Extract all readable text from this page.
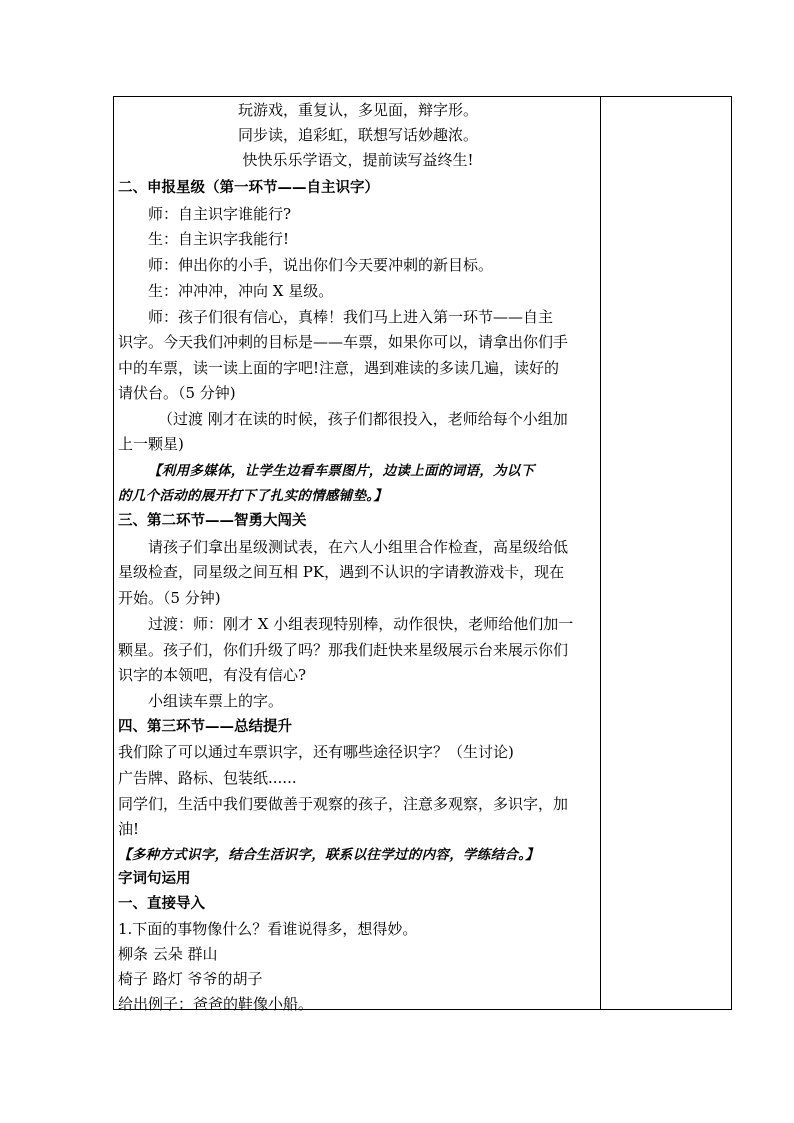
玩游戏，重复认，多见面，辩字形。
同步读，追彩虹，联想写话妙趣浓。
快快乐乐学语文，提前读写益终生!
二、申报星级（第一环节——自主识字）
师：自主识字谁能行?
生：自主识字我能行!
师：伸出你的小手，说出你们今天要冲刺的新目标。
生：冲冲冲，冲向 X 星级。
师：孩子们很有信心，真棒！我们马上进入第一环节——自主
识字。今天我们冲刺的目标是——车票，如果你可以，请拿出你们手
中的车票，读一读上面的字吧!注意，遇到难读的多读几遍，读好的
请伏台。（5 分钟)
（过渡 刚才在读的时候，孩子们都很投入，老师给每个小组加
上一颗星)
【利用多媒体，让学生边看车票图片，边读上面的词语，为以下
的几个活动的展开打下了扎实的情感铺垫。】
三、第二环节——智勇大闯关
请孩子们拿出星级测试表，在六人小组里合作检查，高星级给低
星级检查，同星级之间互相 PK，遇到不认识的字请教游戏卡，现在
开始。（5 分钟)
过渡：师：刚才 X 小组表现特别棒，动作很快，老师给他们加一
颗星。孩子们，你们升级了吗？那我们赶快来星级展示台来展示你们
识字的本领吧，有没有信心?
小组读车票上的字。
四、第三环节——总结提升
我们除了可以通过车票识字，还有哪些途径识字？（生讨论)
广告牌、路标、包装纸......
同学们，生活中我们要做善于观察的孩子，注意多观察，多识字，加
油!
【多种方式识字，结合生活识字，联系以往学过的内容，学练结合。】
字词句运用
一、直接导入
1.下面的事物像什么？看谁说得多，想得妙。
柳条 云朵 群山
椅子 路灯 爷爷的胡子
给出例子：爸爸的鞋像小船。
